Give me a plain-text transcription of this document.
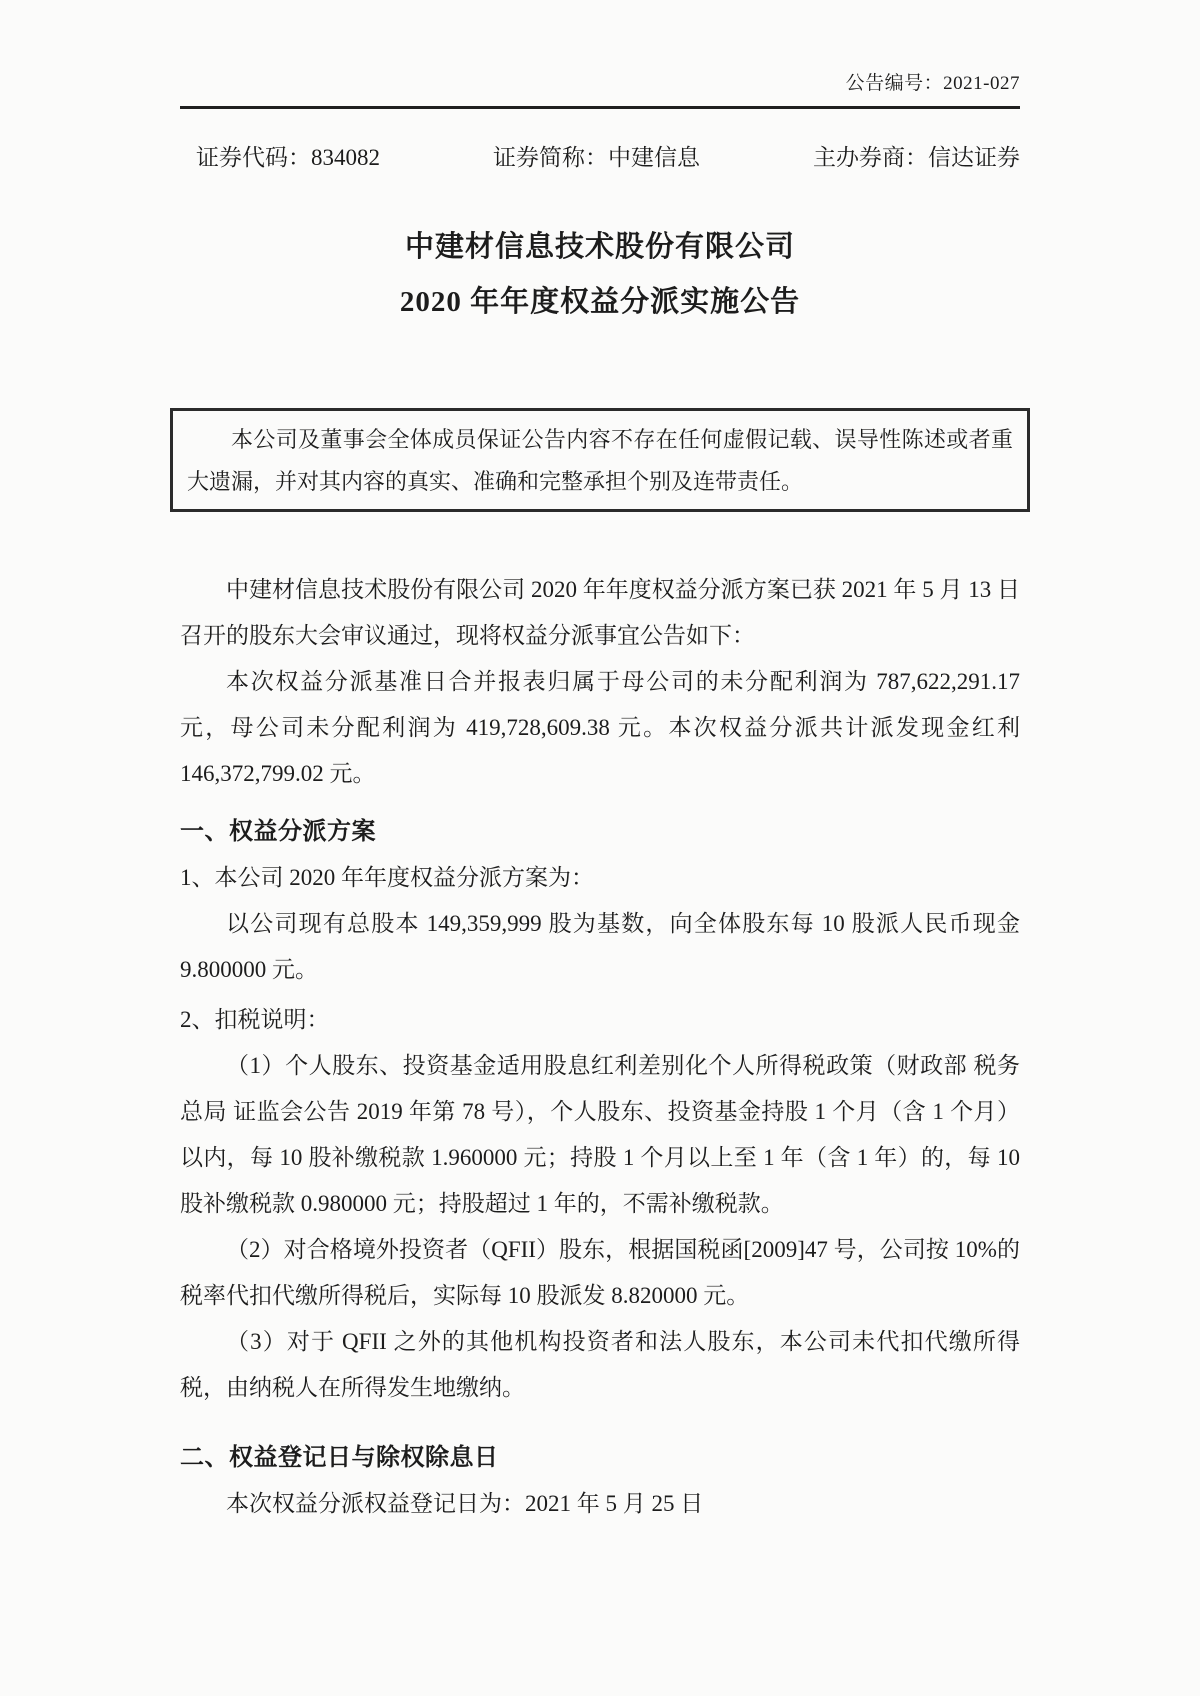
公告编号：2021-027
证券代码：834082	证券简称：中建信息	主办券商：信达证券
中建材信息技术股份有限公司
2020 年年度权益分派实施公告
本公司及董事会全体成员保证公告内容不存在任何虚假记载、误导性陈述或者重大遗漏，并对其内容的真实、准确和完整承担个别及连带责任。

中建材信息技术股份有限公司 2020 年年度权益分派方案已获 2021 年 5 月 13 日召开的股东大会审议通过，现将权益分派事宜公告如下：

本次权益分派基准日合并报表归属于母公司的未分配利润为 787,622,291.17 元，母公司未分配利润为 419,728,609.38 元。本次权益分派共计派发现金红利 146,372,799.02 元。

一、权益分派方案

1、本公司 2020 年年度权益分派方案为：

以公司现有总股本 149,359,999 股为基数，向全体股东每 10 股派人民币现金 9.800000 元。

2、扣税说明：

（1）个人股东、投资基金适用股息红利差别化个人所得税政策（财政部 税务总局 证监会公告 2019 年第 78 号），个人股东、投资基金持股 1 个月（含 1 个月）以内，每 10 股补缴税款 1.960000 元；持股 1 个月以上至 1 年（含 1 年）的，每 10 股补缴税款 0.980000 元；持股超过 1 年的，不需补缴税款。

（2）对合格境外投资者（QFII）股东，根据国税函[2009]47 号，公司按 10%的税率代扣代缴所得税后，实际每 10 股派发 8.820000 元。

（3）对于 QFII 之外的其他机构投资者和法人股东，本公司未代扣代缴所得税，由纳税人在所得发生地缴纳。

二、权益登记日与除权除息日

本次权益分派权益登记日为：2021 年 5 月 25 日
